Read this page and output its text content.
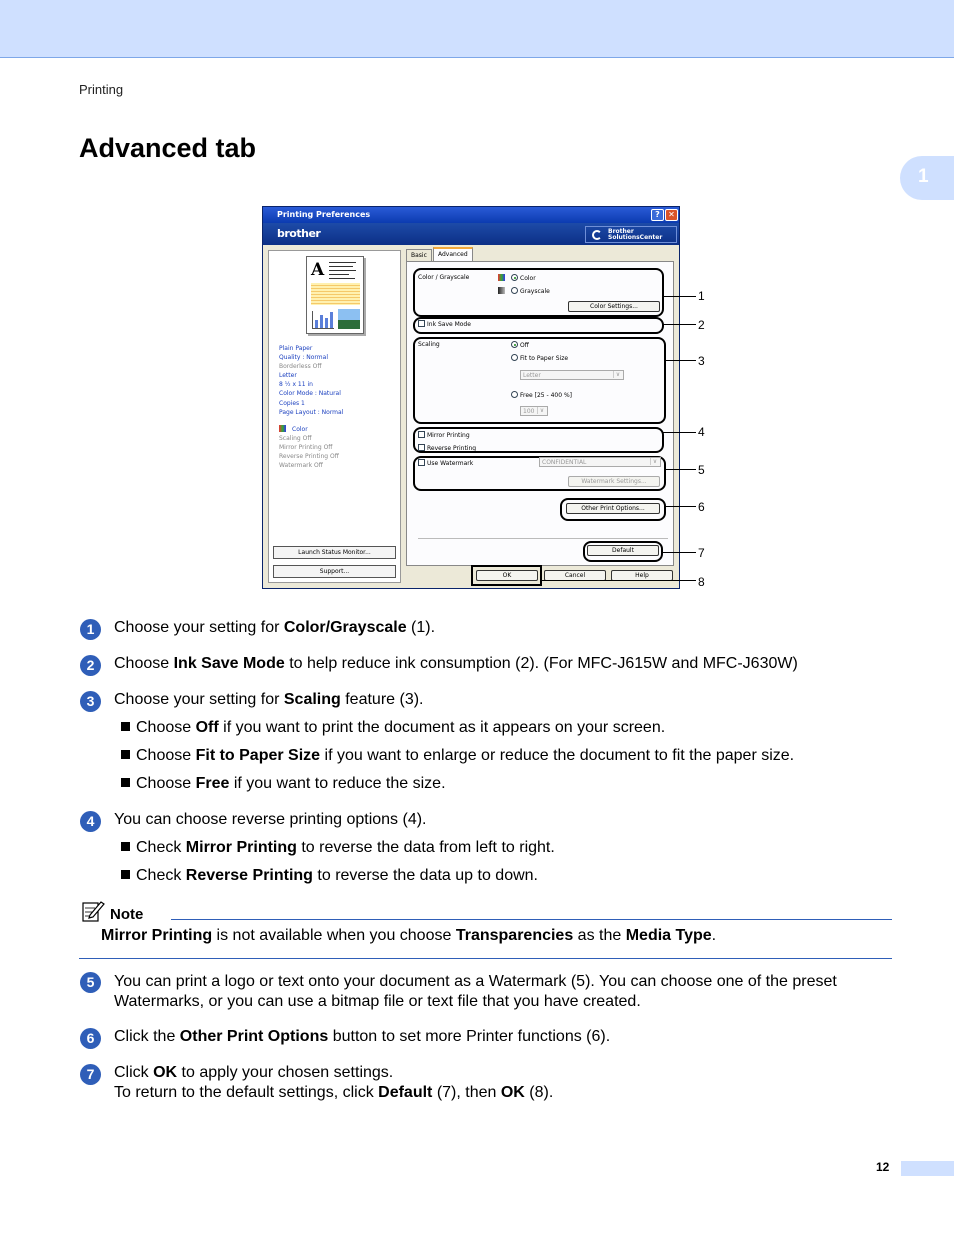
Printing
Advanced tab
1
Printing Preferences	?	✕
brother	Brother
SolutionsCenter
A
Plain Paper
Quality : Normal
Borderless Off
Letter
8 ½ x 11 in
Color Mode : Natural
Copies 1
Page Layout : Normal
Color
Scaling Off
Mirror Printing Off
Reverse Printing Off
Watermark Off
Launch Status Monitor...
Support...
Basic	Advanced
Color / Grayscale	Color
Grayscale
Color Settings...
Ink Save Mode
Scaling	Off
Fit to Paper Size
Letter ∨
Free [25 - 400 %]
100 ∨
Mirror Printing
Reverse Printing
Use Watermark	CONFIDENTIAL ∨
Watermark Settings...
Other Print Options...
Default
OK	Cancel	Help
1
2
3
4
5
6
7
8
1	Choose your setting for Color/Grayscale (1).
2	Choose Ink Save Mode to help reduce ink consumption (2). (For MFC-J615W and MFC-J630W)
3	Choose your setting for Scaling feature (3).
Choose Off if you want to print the document as it appears on your screen.
Choose Fit to Paper Size if you want to enlarge or reduce the document to fit the paper size.
Choose Free if you want to reduce the size.
4	You can choose reverse printing options (4).
Check Mirror Printing to reverse the data from left to right.
Check Reverse Printing to reverse the data up to down.
Note
Mirror Printing is not available when you choose Transparencies as the Media Type.
5	You can print a logo or text onto your document as a Watermark (5). You can choose one of the preset
Watermarks, or you can use a bitmap file or text file that you have created.
6	Click the Other Print Options button to set more Printer functions (6).
7	Click OK to apply your chosen settings.
To return to the default settings, click Default (7), then OK (8).
12
